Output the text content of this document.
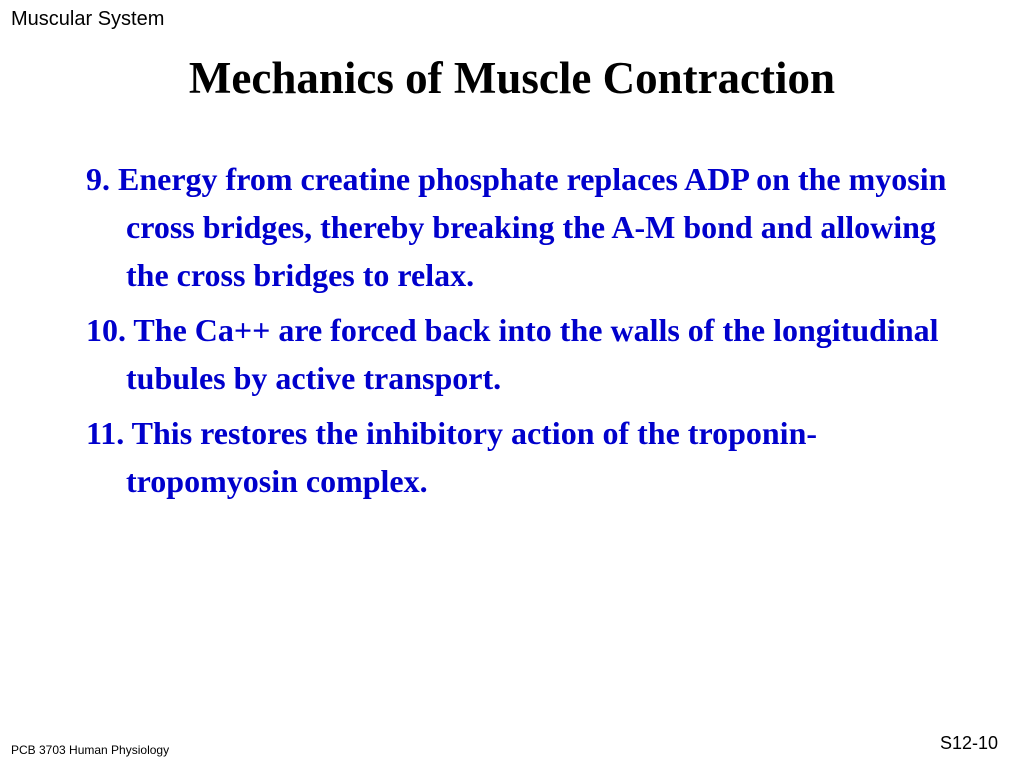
Muscular System
Mechanics of Muscle Contraction
9. Energy from creatine phosphate replaces ADP on the myosin cross bridges, thereby breaking the A-M bond and allowing the cross bridges to relax.
10. The Ca++ are forced back into the walls of the longitudinal tubules by active transport.
11. This restores the inhibitory action of the troponin-tropomyosin complex.
PCB 3703 Human Physiology	S12-10
